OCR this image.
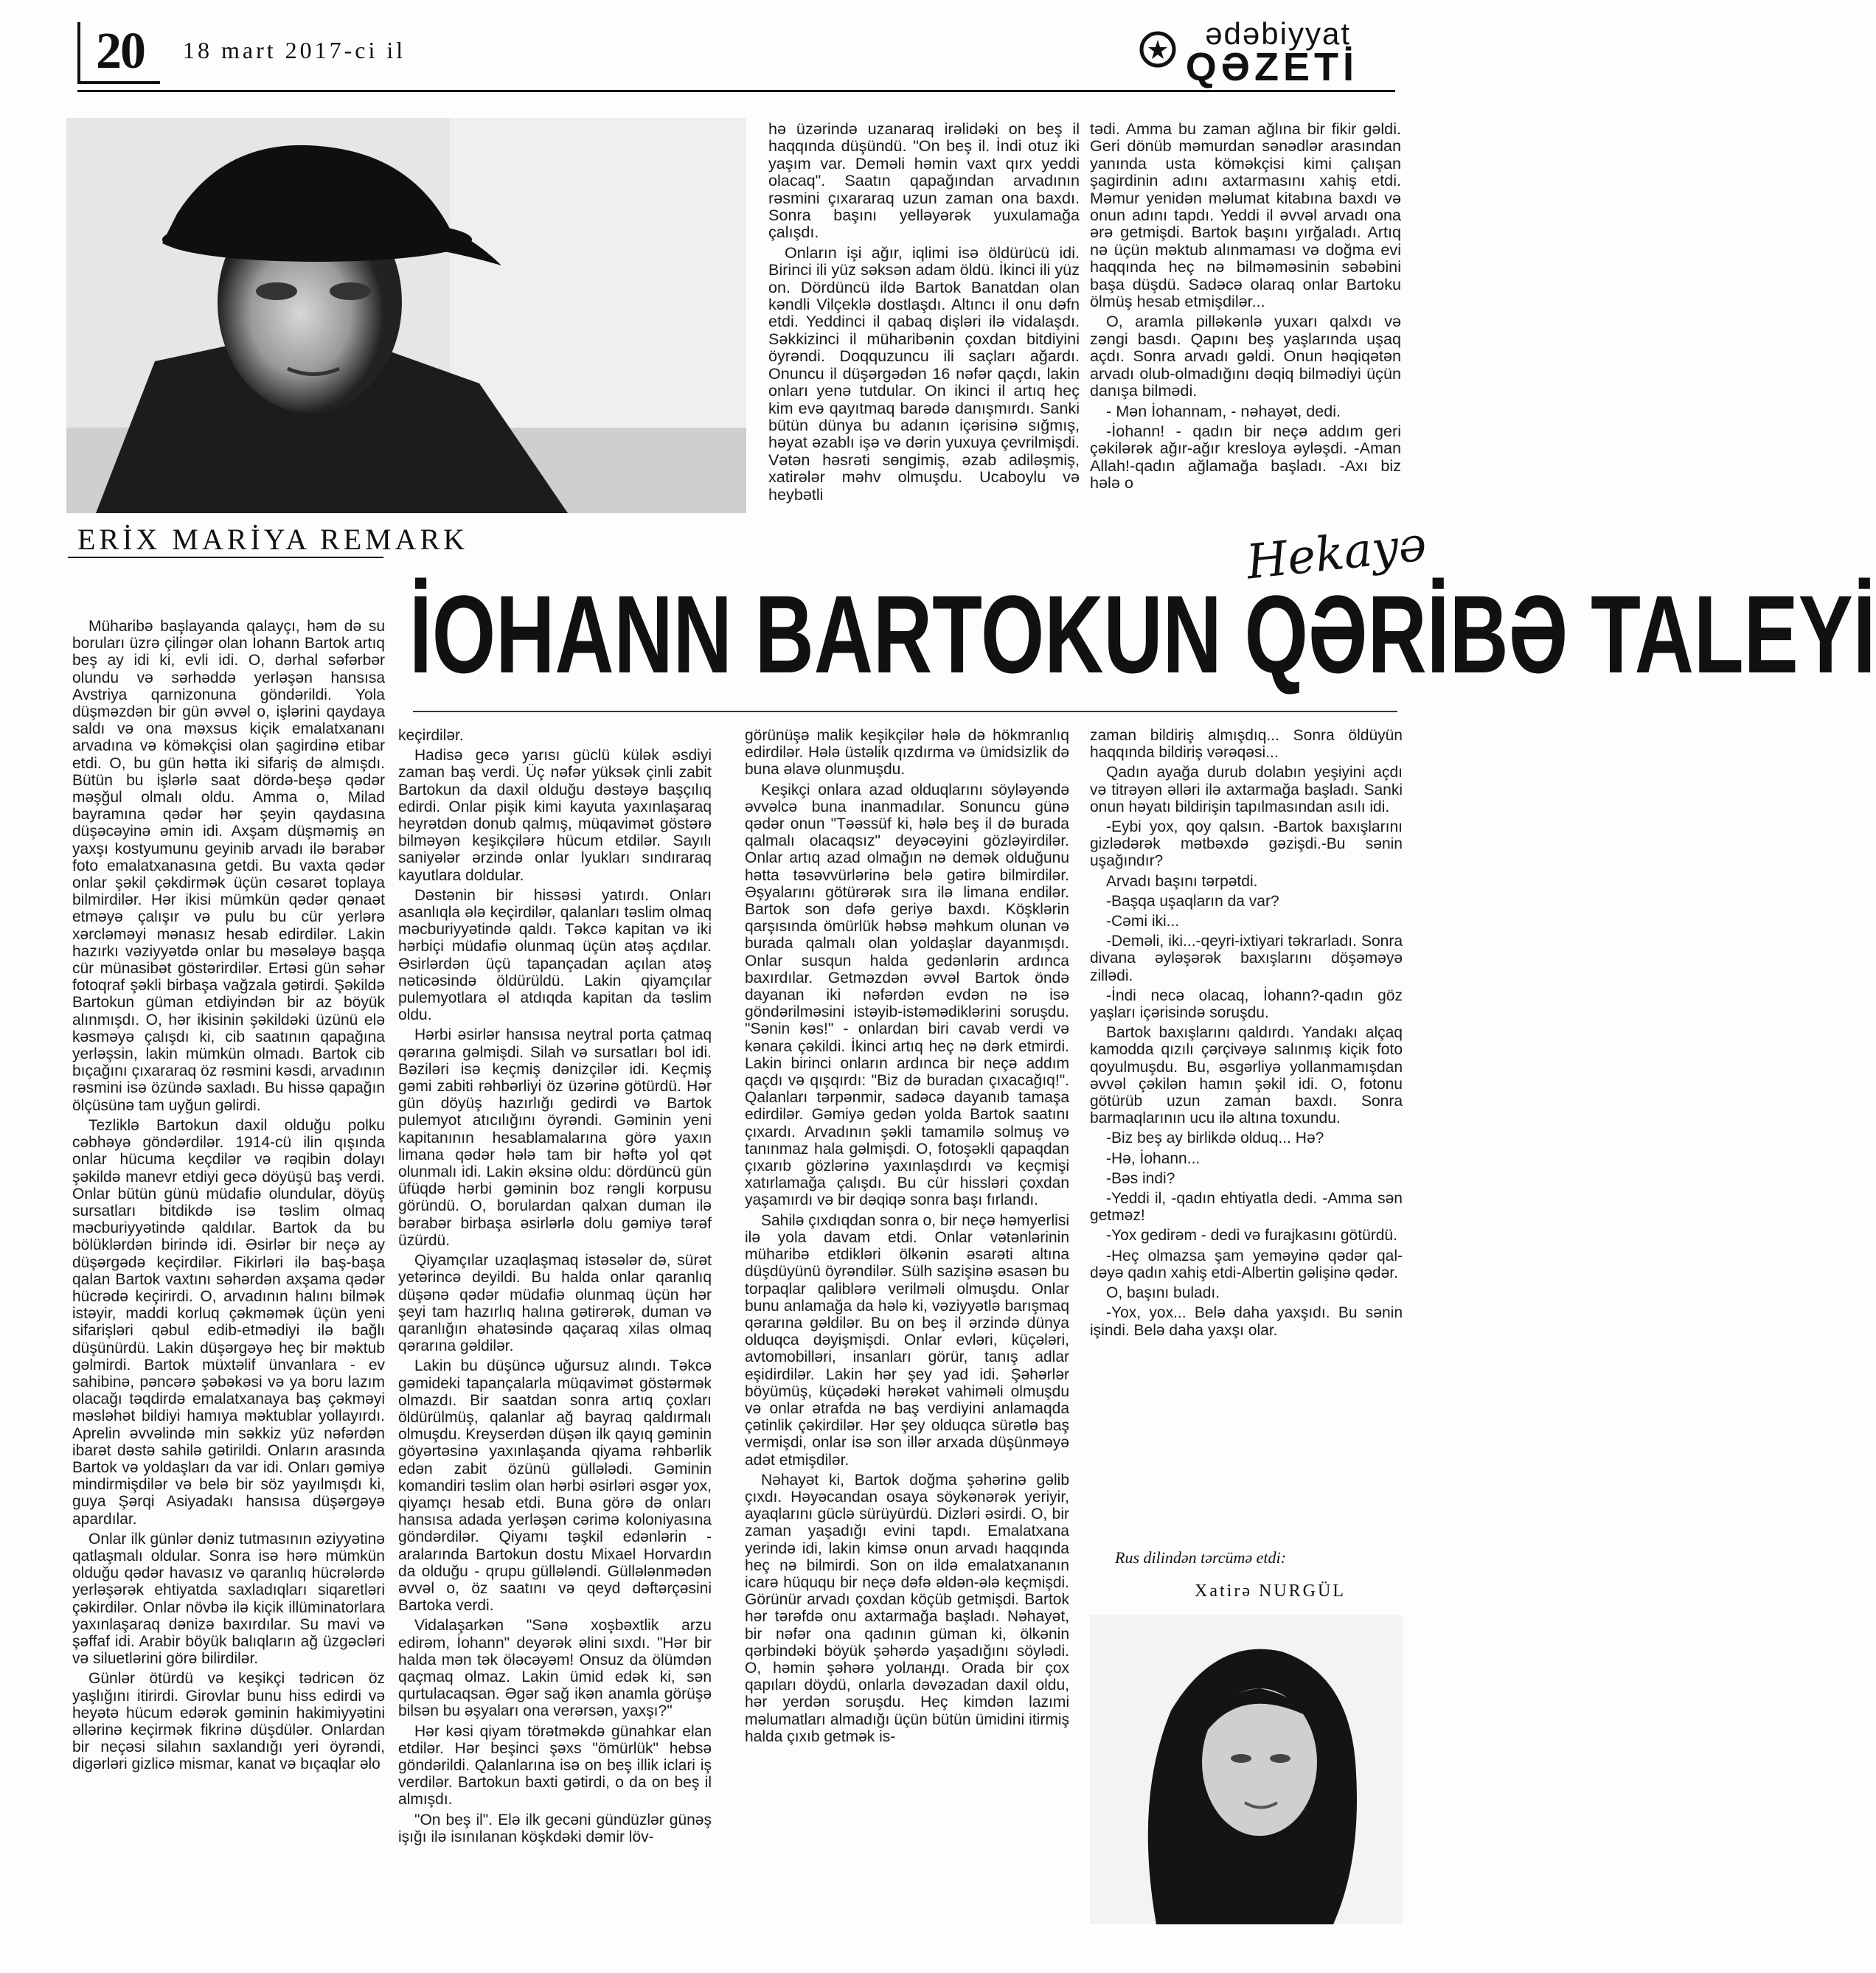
20	18 mart 2017-ci il	ədəbiyyat
QƏZETİ
ERİX MARİYA REMARK

hə üzərində uzanaraq irəlidəki on beş il haqqında düşündü. "On beş il. İndi otuz iki yaşım var. Deməli həmin vaxt qırx yeddi olacaq". Saatın qapağından arvadının rəsmini çıxararaq uzun zaman ona baxdı. Sonra başını yelləyərək yuxulamağa çalışdı.

Onların işi ağır, iqlimi isə öldürücü idi. Birinci ili yüz səksən adam öldü. İkinci ili yüz on. Dördüncü ildə Bartok Banatdan olan kəndli Vilçeklə dostlaşdı. Altıncı il onu dəfn etdi. Yeddinci il qabaq dişləri ilə vidalaşdı. Səkkizinci il müharibənin çoxdan bitdiyini öyrəndi. Doqquzuncu ili saçları ağardı. Onuncu il düşərgədən 16 nəfər qaçdı, lakin onları yenə tutdular. On ikinci il artıq heç kim evə qayıtmaq barədə danışmırdı. Sanki bütün dünya bu adanın içərisinə sığmış, həyat əzablı işə və dərin yuxuya çevrilmişdi. Vətən həsrəti sөngimiş, əzab adiləşmiş, xatirələr məhv olmuşdu. Ucaboylu və heybətli

tədi. Amma bu zaman ağlına bir fikir gəldi. Geri dönüb məmurdan sənədlər arasından yanında usta köməkçisi kimi çalışan şagirdinin adını axtarmasını xahiş etdi. Məmur yenidən məlumat kitabına baxdı və onun adını tapdı. Yeddi il əvvəl arvadı ona ərə getmişdi. Bartok başını yırğaladı. Artıq nə üçün məktub alınmaması və doğma evi haqqında heç nə bilməməsinin səbəbini başa düşdü. Sadəcə olaraq onlar Bartoku ölmüş hesab etmişdilər...

O, aramla pilləkənlə yuxarı qalxdı və zəngi basdı. Qapını beş yaşlarında uşaq açdı. Sonra arvadı gəldi. Onun həqiqətən arvadı olub-olmadığını dəqiq bilmədiyi üçün danışa bilmədi.

- Mən İohannam, - nəhayət, dedi.

-İohann! - qadın bir neçə addım geri çəkilərək ağır-ağır kresloya əyləşdi. -Aman Allah!-qadın ağlamağa başladı. -Axı biz hələ o

Hekayə
İOHANN BARTOKUN QƏRİBƏ TALEYİ

Müharibə başlayanda qalayçı, həm də su boruları üzrə çilingər olan İohann Bartok artıq beş ay idi ki, evli idi. O, dərhal səfərbər olundu və sərhəddə yerləşən hansısa Avstriya qarnizonuna göndərildi. Yola düşməzdən bir gün əvvəl o, işlərini qaydaya saldı və ona məxsus kiçik emalatxananı arvadına və köməkçisi olan şagirdinə etibar etdi. O, bu gün hətta iki sifariş də almışdı. Bütün bu işlərlə saat dördə-beşə qədər məşğul olmalı oldu. Amma o, Milad bayramına qədər hər şeyin qaydasına düşəcəyinə əmin idi. Axşam düşməmiş ən yaxşı kostyumunu geyinib arvadı ilə bərabər foto emalatxanasına getdi. Bu vaxta qədər onlar şəkil çəkdirmək üçün cəsarət toplaya bilmirdilər. Hər ikisi mümkün qədər qənaət etməyə çalışır və pulu bu cür yerlərə xərcləməyi mənasız hesab edirdilər. Lakin hazırkı vəziyyətdə onlar bu məsələyə başqa cür münasibət göstərirdilər. Ertəsi gün səhər fotoqraf şəkli birbaşa vağzala gətirdi. Şəkildə Bartokun güman etdiyindən bir az böyük alınmışdı. O, hər ikisinin şəkildəki üzünü elə kəsməyə çalışdı ki, cib saatının qapağına yerləşsin, lakin mümkün olmadı. Bartok cib bıçağını çıxararaq öz rəsmini kəsdi, arvadının rəsmini isə özündə saxladı. Bu hissə qapağın ölçüsünə tam uyğun gəlirdi.

Tezliklə Bartokun daxil olduğu polku cəbhəyə göndərdilər. 1914-cü ilin qışında onlar hücuma keçdilər və rəqibin dolayı şəkildə manevr etdiyi gecə döyüşü baş verdi. Onlar bütün günü müdafiə olundular, döyüş sursatları bitdikdə isə təslim olmaq məcburiyyətində qaldılar. Bartok da bu bölüklərdən birində idi. Əsirlər bir neçə ay düşərgədə keçirdilər. Fikirləri ilə baş-başa qalan Bartok vaxtını səhərdən axşama qədər hücrədə keçirirdi. O, arvadının halını bilmək istəyir, maddi korluq çəkməmək üçün yeni sifarişləri qəbul edib-etmədiyi ilə bağlı düşünürdü. Lakin düşərgəyə heç bir məktub gəlmirdi. Bartok müxtəlif ünvanlara - ev sahibinə, pəncərə şəbəkəsi və ya boru lazım olacağı təqdirdə emalatxanaya baş çəkməyi məsləhət bildiyi hamıya məktublar yollayırdı. Aprelin əvvəlində min səkkiz yüz nəfərdən ibarət dəstə sahilə gətirildi. Onların arasında Bartok və yoldaşları da var idi. Onları gəmiyə mindirmişdilər və belə bir söz yayılmışdı ki, guya Şərqi Asiyadakı hansısa düşərgəyə apardılar.

Onlar ilk günlər dəniz tutmasının əziyyətinə qatlaşmalı oldular. Sonra isə hərə mümkün olduğu qədər havasız və qaranlıq hücrələrdə yerləşərək ehtiyatda saxladıqları siqaretləri çəkirdilər. Onlar növbə ilə kiçik illüminatorlara yaxınlaşaraq dənizə baxırdılar. Su mavi və şəffaf idi. Arabir böyük balıqların ağ üzgəcləri və siluetlərini görə bilirdilər.

Günlər ötürdü və keşikçi tədricən öz yaşlığını itirirdi. Girovlar bunu hiss edirdi və heyətə hücum edərək gəminin hakimiyyətini əllərinə keçirmək fikrinə düşdülər. Onlardan bir neçəsi silahın saxlandığı yeri öyrəndi, digərləri gizlicə mismar, kanat və bıçaqlar əlo

keçirdilər.

Hadisə gecə yarısı güclü külək əsdiyi zaman baş verdi. Üç nəfər yüksək çinli zabit Bartokun da daxil olduğu dəstəyə başçılıq edirdi. Onlar pişik kimi kayuta yaxınlaşaraq heyrətdən donub qalmış, müqavimət göstərə bilməyən keşikçilərə hücum etdilər. Sayılı saniyələr ərzində onlar lyukları sındıraraq kayutlara doldular.

Dəstənin bir hissəsi yatırdı. Onları asanlıqla ələ keçirdilər, qalanları təslim olmaq məcburiyyətində qaldı. Təkcə kapitan və iki hərbiçi müdafiə olunmaq üçün atəş açdılar. Əsirlərdən üçü tapançadan açılan atəş nəticəsində öldürüldü. Lakin qiyamçılar pulemyotlara əl atdıqda kapitan da təslim oldu.

Hərbi əsirlər hansısa neytral porta çatmaq qərarına gəlmişdi. Silah və sursatları bol idi. Bəziləri isə keçmiş dənizçilər idi. Keçmiş gəmi zabiti rəhbərliyi öz üzərinə götürdü. Hər gün döyüş hazırlığı gedirdi və Bartok pulemyot atıcılığını öyrəndi. Gəminin yeni kapitanının hesablamalarına görə yaxın limana qədər hələ tam bir həftə yol qət olunmalı idi. Lakin əksinə oldu: dördüncü gün üfüqdə hərbi gəminin boz rəngli korpusu göründü. O, borulardan qalxan duman ilə bərabər birbaşa əsirlərlə dolu gəmiyə tərəf üzürdü.

Qiyamçılar uzaqlaşmaq istəsələr də, sürət yetərincə deyildi. Bu halda onlar qaranlıq düşənə qədər müdafiə olunmaq üçün hər şeyi tam hazırlıq halına gətirərək, duman və qaranlığın əhatəsində qaçaraq xilas olmaq qərarına gəldilər.

Lakin bu düşüncə uğursuz alındı. Təkcə gəmideki tapançalarla müqavimət göstərmək olmazdı. Bir saatdan sonra artıq çoxları öldürülmüş, qalanlar ağ bayraq qaldırmalı olmuşdu. Kreyserdən düşən ilk qayıq gəminin göyərtəsinə yaxınlaşanda qiyama rəhbərlik edən zabit özünü güllələdi. Gəminin komandiri təslim olan hərbi əsirləri əsgər yox, qiyamçı hesab etdi. Buna görə də onları hansısa adada yerləşən cərimə koloniyasına göndərdilər. Qiyamı təşkil edənlərin - aralarında Bartokun dostu Mixael Horvardın da olduğu - qrupu güllələndi. Güllələnmədən əvvəl o, öz saatını və qeyd dəftərçəsini Bartoka verdi.

Vidalaşarkən "Sənə xoşbəxtlik arzu edirəm, İohann" deyərək əlini sıxdı. "Hər bir halda mən tək öləcəyəm! Onsuz da ölümdən qaçmaq olmaz. Lakin ümid edək ki, sən qurtulacaqsan. Əgər sağ ikən anamla görüşə bilsən bu əşyaları ona verərsən, yaxşı?"

Hər kəsi qiyam törətməkdə günahkar elan etdilər. Hər beşinci şəxs "ömürlük" hebsə göndərildi. Qalanlarına isə on beş illik iclari iş verdilər. Bartokun baxti gətirdi, o da on beş il almışdı.

"On beş il". Elə ilk gecəni gündüzlər günəş işığı ilə isınılanan köşkdəki dəmir löv-

görünüşə malik keşikçilər hələ də hökmranlıq edirdilər. Hələ üstəlik qızdırma və ümidsizlik də buna əlavə olunmuşdu.

Keşikçi onlara azad olduqlarını söyləyəndə əvvəlcə buna inanmadılar. Sonuncu günə qədər onun "Təəssüf ki, hələ beş il də burada qalmalı olacaqsız" deyəcəyini gözləyirdilər. Onlar artıq azad olmağın nə demək olduğunu hətta təsəvvürlərinə belə gətirə bilmirdilər. Əşyalarını götürərək sıra ilə limana endilər. Bartok son dəfə geriyə baxdı. Köşklərin qarşısında ömürlük həbsə məhkum olunan və burada qalmalı olan yoldaşlar dayanmışdı. Onlar susqun halda gedənlərin ardınca baxırdılar. Getməzdən əvvəl Bartok öndə dayanan iki nəfərdən evdən nə isə göndərilməsini istəyib-istəmədiklərini soruşdu. "Sənin kəs!" - onlardan biri cavab verdi və kənara çəkildi. İkinci artıq heç nə dərk etmirdi. Lakin birinci onların ardınca bir neçə addım qaçdı və qışqırdı: "Biz də buradan çıxacağıq!". Qalanları tərpənmir, sadəcə dayanıb tamaşa edirdilər. Gəmiyə gedən yolda Bartok saatını çıxardı. Arvadının şəkli tamamilə solmuş və tanınmaz hala gəlmişdi. O, fotoşəkli qapaqdan çıxarıb gözlərinə yaxınlaşdırdı və keçmişi xatırlamağa çalışdı. Bu cür hissləri çoxdan yaşamırdı və bir dəqiqə sonra başı fırlandı.

Sahilə çıxdıqdan sonra o, bir neçə həmyerlisi ilə yola davam etdi. Onlar vətənlərinin müharibə etdikləri ölkənin əsarəti altına düşdüyünü öyrəndilər. Sülh sazişinə əsasən bu torpaqlar qaliblərə verilməli olmuşdu. Onlar bunu anlamağa da hələ ki, vəziyyətlə barışmaq qərarına gəldilər. Bu on beş il ərzində dünya olduqca dəyişmişdi. Onlar evləri, küçələri, avtomobilləri, insanları görür, tanış adlar eşidirdilər. Lakin hər şey yad idi. Şəhərlər böyümüş, küçədəki hərəkət vahiməli olmuşdu və onlar ətrafda nə baş verdiyini anlamaqda çətinlik çəkirdilər. Hər şey olduqca sürətlə baş vermişdi, onlar isə son illər arxada düşünməyə adət etmişdilər.

Nəhayət ki, Bartok doğma şəhərinə gəlib çıxdı. Həyəcandan osaya söykənərək yeriyir, ayaqlarını güclə sürüyürdü. Dizləri əsirdi. O, bir zaman yaşadığı evini tapdı. Emalatxana yerində idi, lakin kimsə onun arvadı haqqında heç nə bilmirdi. Son on ildə emalatxananın icarə hüququ bir neçə dəfə əldən-ələ keçmişdi. Görünür arvadı çoxdan köçüb getmişdi. Bartok hər tərəfdə onu axtarmağa başladı. Nəhayət, bir nəfər ona qadının güman ki, ölkənin qərbindəki böyük şəhərdə yaşadığını söylədi. O, həmin şəhərə yolландı. Orada bir çox qapıları döydü, onlarla dəvəzadan daxil oldu, hər yerdən soruşdu. Heç kimdən lazımi məlumatları almadığı üçün bütün ümidini itirmiş halda çıxıb getmək is-

zaman bildiriş almışdıq... Sonra öldüyün haqqında bildiriş vərəqəsi...

Qadın ayağa durub dolabın yeşiyini açdı və titrəyən əlləri ilə axtarmağa başladı. Sanki onun həyatı bildirişin tapılmasından asılı idi.

-Eybi yox, qoy qalsın. -Bartok baxışlarını gizlədərək mətbəxdə gəzişdi.-Bu sənin uşağındır?

Arvadı başını tərpətdi.

-Başqa uşaqların da var?

-Cəmi iki...

-Deməli, iki...-qeyri-ixtiyari təkrarladı. Sonra divana əyləşərək baxışlarını döşəməyə zillədi.

-İndi necə olacaq, İohann?-qadın göz yaşları içərisində soruşdu.

Bartok baxışlarını qaldırdı. Yandakı alçaq kamodda qızılı çərçivəyə salınmış kiçik foto qoyulmuşdu. Bu, əsgərliyə yollanmamışdan əvvəl çəkilən hamın şəkil idi. O, fotonu götürüb uzun zaman baxdı. Sonra barmaqlarının ucu ilə altına toxundu.

-Biz beş ay birlikdə olduq... Hə?

-Hə, İohann...

-Bəs indi?

-Yeddi il, -qadın ehtiyatla dedi. -Amma sən getməz!

-Yox gedirəm - dedi və furajkasını götürdü.

-Heç olmazsa şam yeməyinə qədər qal-dəyə qadın xahiş etdi-Albertin gəlişinə qədər.

O, başını buladı.

-Yox, yox... Belə daha yaxşıdı. Bu sənin işindi. Belə daha yaxşı olar.

Rus dilindən tərcümə etdi:
Xatirə NURGÜL
